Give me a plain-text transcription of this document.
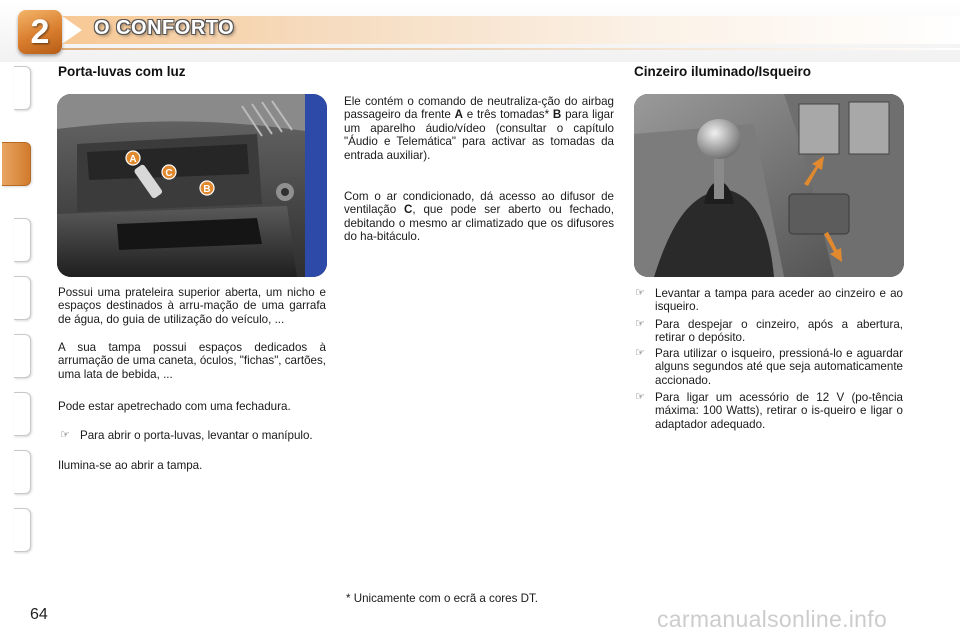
2	O CONFORTO
Porta-luvas com luz
A
C
B
Possui uma prateleira superior aberta, um nicho e espaços destinados à arru-mação de uma garrafa de água, do guia de utilização do veículo, ...
A sua tampa possui espaços dedicados à arrumação de uma caneta, óculos, "fichas", cartões, uma lata de bebida, ...
Pode estar apetrechado com uma fechadura.
☞ Para abrir o porta-luvas, levantar o manípulo.
Ilumina-se ao abrir a tampa.
Ele contém o comando de neutraliza-ção do airbag passageiro da frente A e três tomadas* B para ligar um aparelho áudio/vídeo (consultar o capítulo "Áudio e Telemática" para activar as tomadas da entrada auxiliar).
Com o ar condicionado, dá acesso ao difusor de ventilação C, que pode ser aberto ou fechado, debitando o mesmo ar climatizado que os difusores do ha-bitáculo.
* Unicamente com o ecrã a cores DT.
Cinzeiro iluminado/Isqueiro
☞ Levantar a tampa para aceder ao cinzeiro e ao isqueiro.
☞ Para despejar o cinzeiro, após a abertura, retirar o depósito.
☞ Para utilizar o isqueiro, pressioná-lo e aguardar alguns segundos até que seja automaticamente accionado.
☞ Para ligar um acessório de 12 V (po-tência máxima: 100 Watts), retirar o is-queiro e ligar o adaptador adequado.
64	carmanualsonline.info
